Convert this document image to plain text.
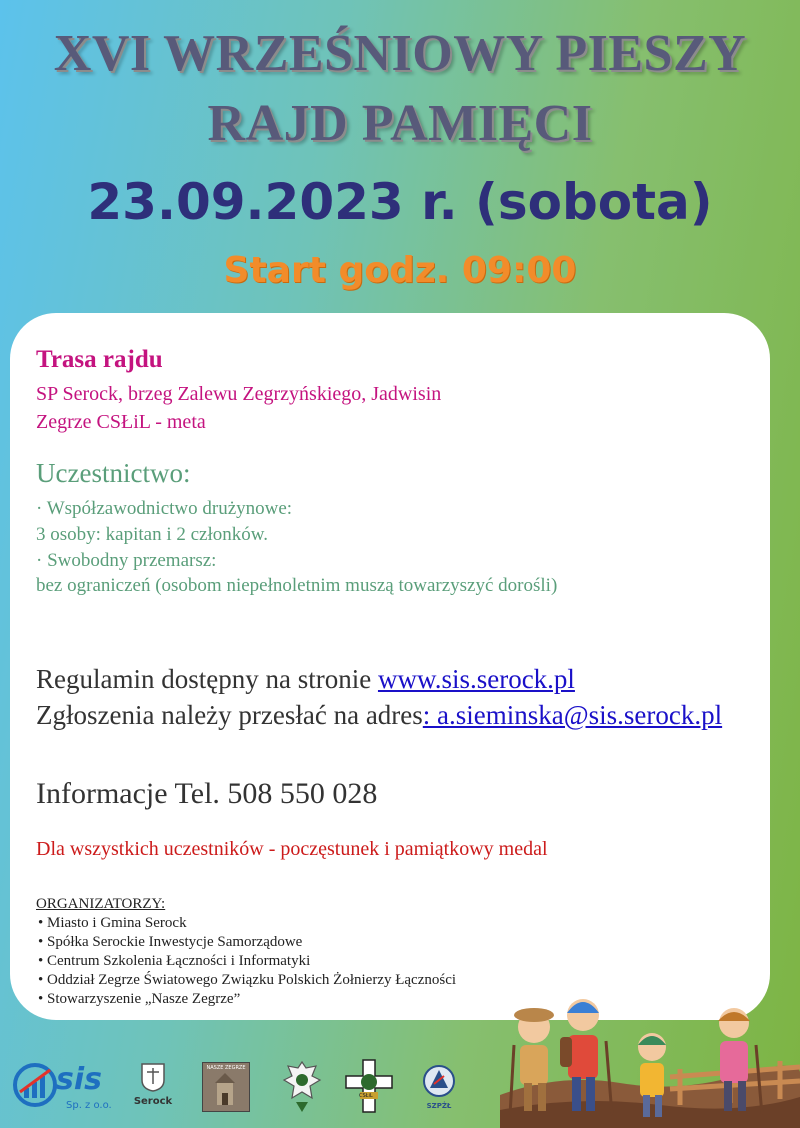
XVI WRZEŚNIOWY PIESZY
RAJD PAMIĘCI
23.09.2023 r. (sobota)
Start godz. 09:00
Trasa rajdu
SP Serock, brzeg Zalewu Zegrzyńskiego, Jadwisin
Zegrze CSŁiL - meta
Uczestnictwo:
· Współzawodnictwo drużynowe:
3 osoby: kapitan i 2 członków.
· Swobodny przemarsz:
bez ograniczeń (osobom niepełnoletnim muszą towarzyszyć dorośli)
Regulamin dostępny na stronie www.sis.serock.pl
Zgłoszenia należy przesłać na adres: a.sieminska@sis.serock.pl
Informacje Tel. 508 550 028
Dla wszystkich uczestników - poczęstunek i pamiątkowy medal
ORGANIZATORZY:
• Miasto i Gmina Serock
• Spółka Serockie Inwestycje Samorządowe
• Centrum Szkolenia Łączności i Informatyki
• Oddział Zegrze Światowego Związku Polskich Żołnierzy Łączności
• Stowarzyszenie „Nasze Zegrze”
sis
Sp. z o.o.	Serock
NASZE ZEGRZE
CSŁiL
SZPŻŁ
